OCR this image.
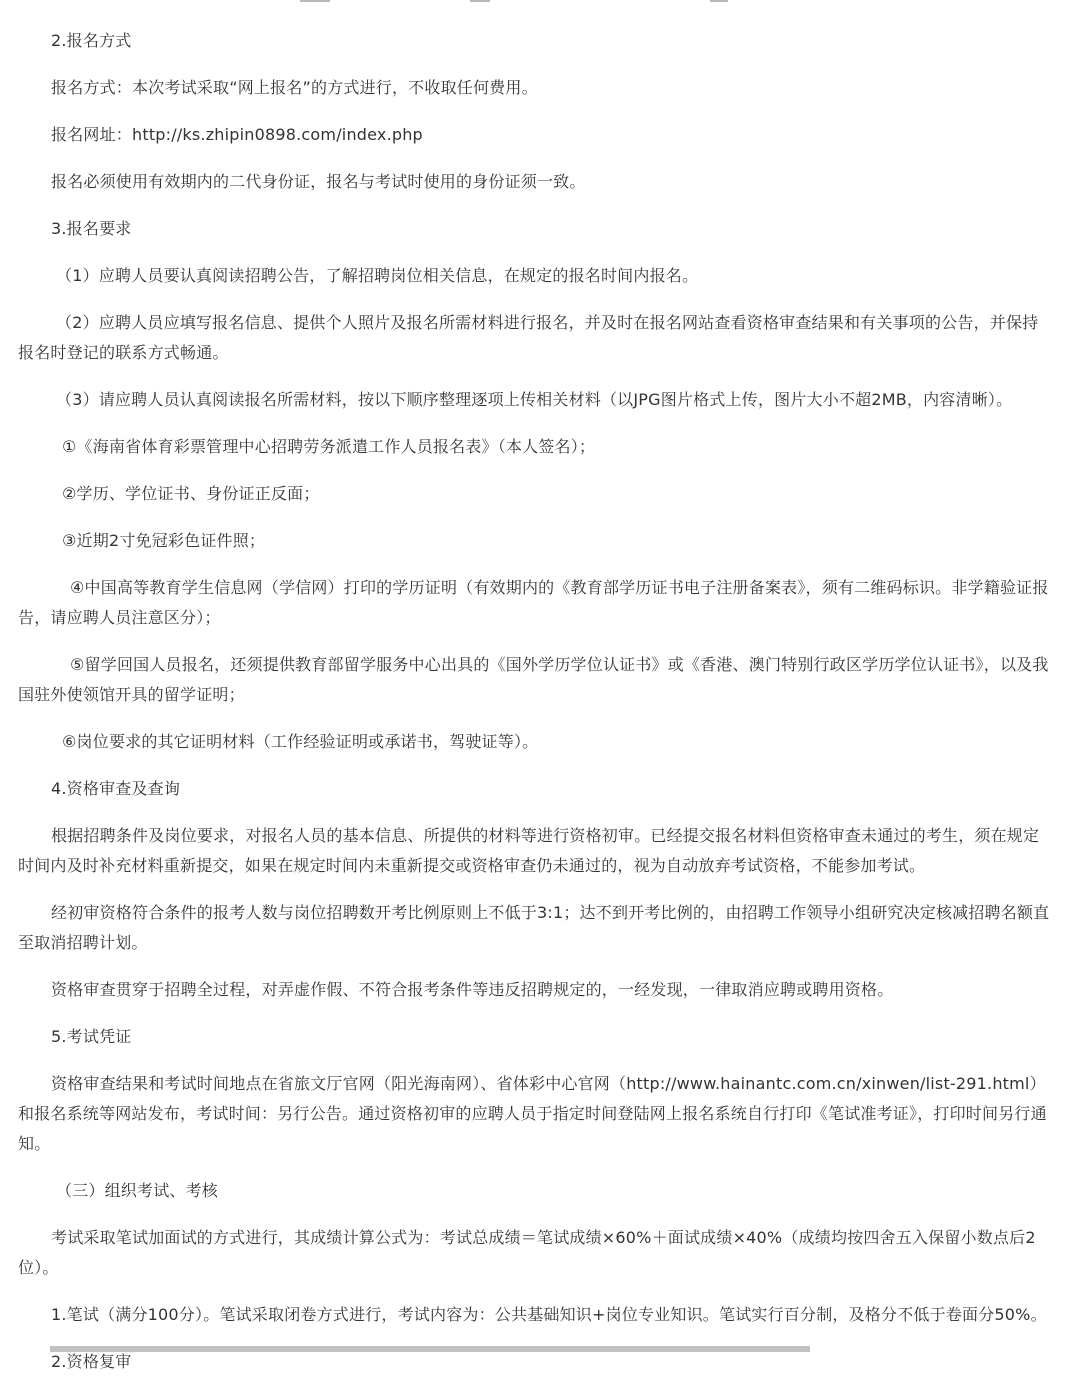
2.报名方式

报名方式：本次考试采取“网上报名”的方式进行，不收取任何费用。

报名网址：http://ks.zhipin0898.com/index.php

报名必须使用有效期内的二代身份证，报名与考试时使用的身份证须一致。

3.报名要求

（1）应聘人员要认真阅读招聘公告，了解招聘岗位相关信息，在规定的报名时间内报名。

（2）应聘人员应填写报名信息、提供个人照片及报名所需材料进行报名，并及时在报名网站查看资格审查结果和有关事项的公告，并保持报名时登记的联系方式畅通。

（3）请应聘人员认真阅读报名所需材料，按以下顺序整理逐项上传相关材料（以JPG图片格式上传，图片大小不超2MB，内容清晰）。

①《海南省体育彩票管理中心招聘劳务派遣工作人员报名表》（本人签名）；

②学历、学位证书、身份证正反面；

③近期2寸免冠彩色证件照；

④中国高等教育学生信息网（学信网）打印的学历证明（有效期内的《教育部学历证书电子注册备案表》，须有二维码标识。非学籍验证报告，请应聘人员注意区分）；

⑤留学回国人员报名，还须提供教育部留学服务中心出具的《国外学历学位认证书》或《香港、澳门特别行政区学历学位认证书》，以及我国驻外使领馆开具的留学证明；

⑥岗位要求的其它证明材料（工作经验证明或承诺书，驾驶证等）。

4.资格审查及查询

根据招聘条件及岗位要求，对报名人员的基本信息、所提供的材料等进行资格初审。已经提交报名材料但资格审查未通过的考生，须在规定时间内及时补充材料重新提交，如果在规定时间内未重新提交或资格审查仍未通过的，视为自动放弃考试资格，不能参加考试。

经初审资格符合条件的报考人数与岗位招聘数开考比例原则上不低于3:1；达不到开考比例的，由招聘工作领导小组研究决定核减招聘名额直至取消招聘计划。

资格审查贯穿于招聘全过程，对弄虚作假、不符合报考条件等违反招聘规定的，一经发现，一律取消应聘或聘用资格。

5.考试凭证

资格审查结果和考试时间地点在省旅文厅官网（阳光海南网）、省体彩中心官网（http://www.hainantc.com.cn/xinwen/list-291.html）和报名系统等网站发布，考试时间：另行公告。通过资格初审的应聘人员于指定时间登陆网上报名系统自行打印《笔试准考证》，打印时间另行通知。

（三）组织考试、考核

考试采取笔试加面试的方式进行，其成绩计算公式为：考试总成绩＝笔试成绩×60%＋面试成绩×40%（成绩均按四舍五入保留小数点后2位）。

1.笔试（满分100分）。笔试采取闭卷方式进行，考试内容为：公共基础知识+岗位专业知识。笔试实行百分制，及格分不低于卷面分50%。

2.资格复审
